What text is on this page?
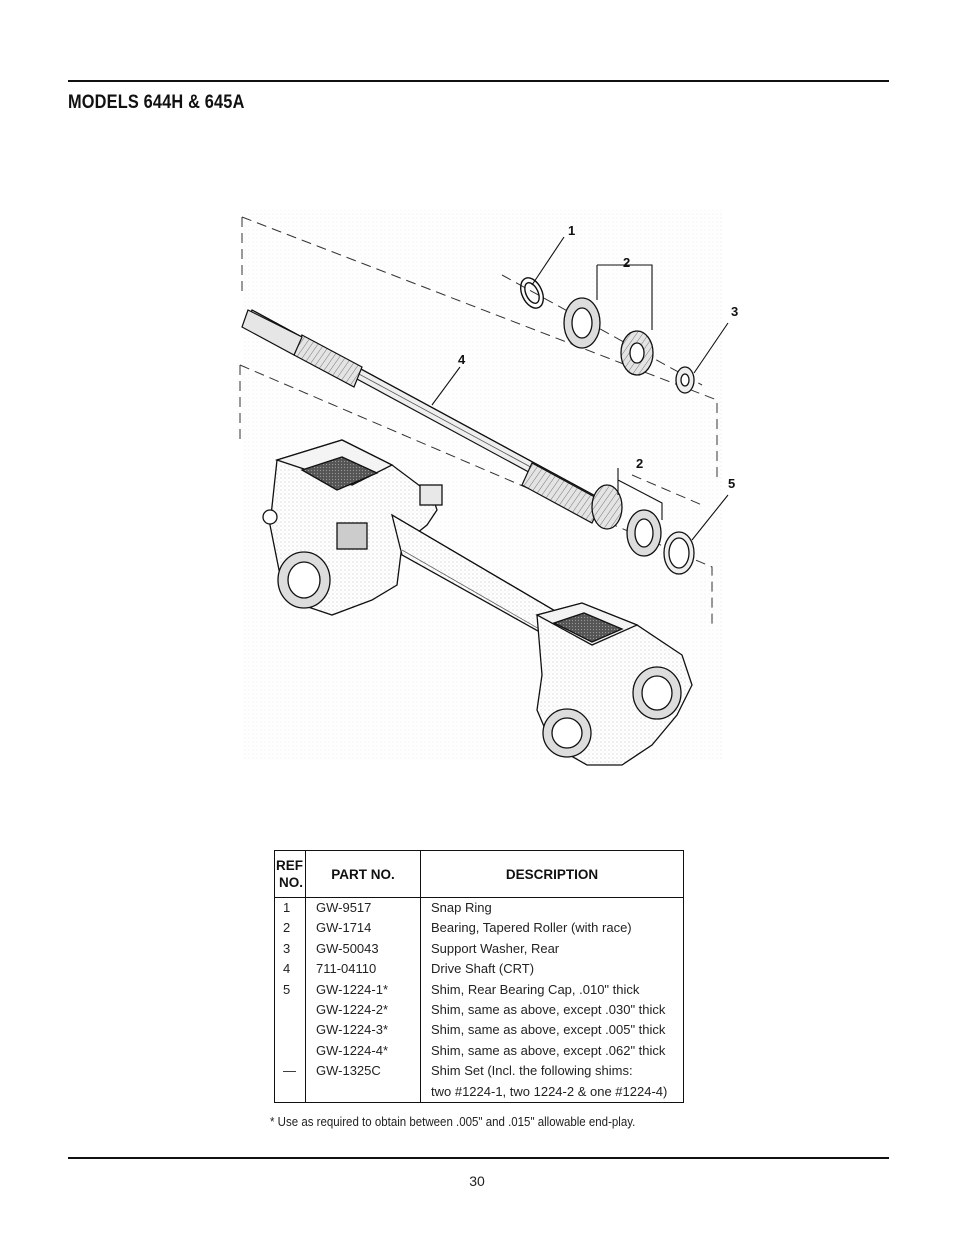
MODELS 644H & 645A
1
2
3
4
2
5
REF
NO.	PART NO.	DESCRIPTION
1	GW-9517	Snap Ring
2	GW-1714	Bearing, Tapered Roller (with race)
3	GW-50043	Support Washer, Rear
4	711-04110	Drive Shaft (CRT)
5	GW-1224-1*	Shim, Rear Bearing Cap, .010" thick
	GW-1224-2*	Shim, same as above, except .030" thick
	GW-1224-3*	Shim, same as above, except .005" thick
	GW-1224-4*	Shim, same as above, except .062" thick
—	GW-1325C	Shim Set (Incl. the following shims:
		two #1224-1, two 1224-2 & one #1224-4)
* Use as required to obtain between .005" and .015" allowable end-play.
30
